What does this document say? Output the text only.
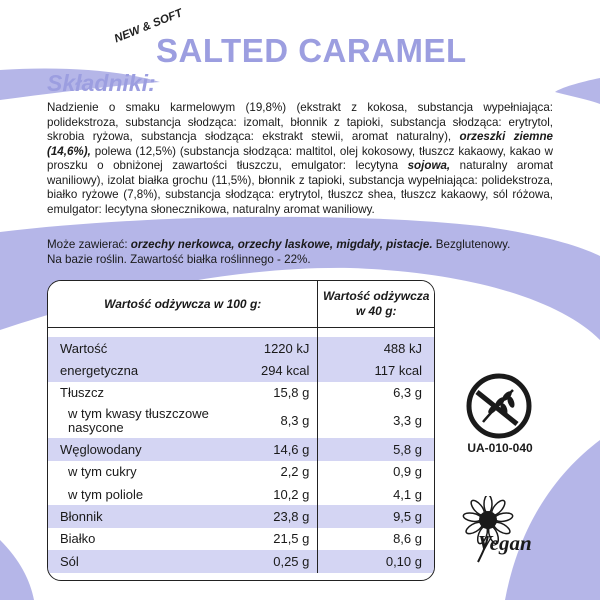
NEW & SOFT
SALTED CARAMEL
Składniki:

Nadzienie o smaku karmelowym (19,8%) (ekstrakt z kokosa, substancja wypełniająca: polidekstroza, substancja słodząca: izomalt, błonnik z tapioki, substancja słodząca: erytrytol, skrobia ryżowa, substancja słodząca: ekstrakt stewii, aromat naturalny), orzeszki ziemne (14,6%), polewa (12,5%) (substancja słodząca: maltitol, olej kokosowy, tłuszcz kakaowy, kakao w proszku o obniżonej zawartości tłuszczu, emulgator: lecytyna sojowa, naturalny aromat waniliowy), izolat białka grochu (11,5%), błonnik z tapioki, substancja wypełniająca: polidekstroza, białko ryżowe (7,8%), substancja słodząca: erytrytol, tłuszcz shea, tłuszcz kakaowy, sól różowa, emulgator: lecytyna słonecznikowa, naturalny aromat waniliowy.

Może zawierać: orzechy nerkowca, orzechy laskowe, migdały, pistacje. Bezglutenowy.
Na bazie roślin. Zawartość białka roślinnego - 22%.

Wartość odżywcza w 100 g:		Wartość odżywcza w 40 g:

Wartość	1220 kJ	488 kJ
energetyczna	294 kcal	117 kcal
Tłuszcz	15,8 g	6,3 g
w tym kwasy tłuszczowe nasycone	8,3 g	3,3 g
Węglowodany	14,6 g	5,8 g
w tym cukry	2,2 g	0,9 g
w tym poliole	10,2 g	4,1 g
Błonnik	23,8 g	9,5 g
Białko	21,5 g	8,6 g
Sól	0,25 g	0,10 g
UA-010-040
Vegan
